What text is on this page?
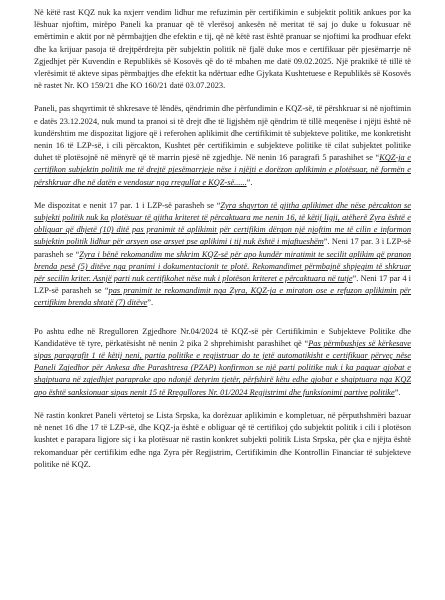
Në këtë rast KQZ nuk ka nxjerr vendim lidhur me refuzimin për certifikimin e subjektit politik ankues por ka lëshuar njoftim, mirëpo Paneli ka pranuar që të vlerësoj ankesën në meritat të saj jo duke u fokusuar në emërtimin e aktit por në përmbajtjen dhe efektin e tij, që në këtë rast është pranuar se njoftimi ka prodhuar efekt dhe ka krijuar pasoja të drejtpërdrejta për subjektin politik në fjalë duke mos e certifikuar për pjesëmarrje në Zgjedhjet për Kuvendin e Republikës së Kosovës që do të mbahen me datë 09.02.2025. Një praktikë të tillë të vlerësimit të akteve sipas përmbajtjes dhe efektit ka ndërtuar edhe Gjykata Kushtetuese e Republikës së Kosovës në rastet Nr. KO 159/21 dhe KO 160/21 datë 03.07.2023.

Paneli, pas shqyrtimit të shkresave të lëndës, qëndrimin dhe përfundimin e KQZ-së, të përshkruar si në njoftimin e datës 23.12.2024, nuk mund ta pranoi si të drejt dhe të ligjshëm një qëndrim të tillë meqenëse i njëjti është në kundërshtim me dispozitat ligjore që i referohen aplikimit dhe certifikimit të subjekteve politike, me konkretisht nenin 16 të LZP-së, i cili përcakton, Kushtet për certifikimin e subjekteve politike të cilat subjektet politike duhet të plotësojnë në mënyrë që të marrin pjesë në zgjedhje. Në nenin 16 paragrafi 5 parashihet se “KQZ-ja e certifikon subjektin politik me të drejtë pjesëmarrjeje nëse i njëjti e dorëzon aplikimin e plotësuar, në formën e përshkruar dhe në datën e vendosur nga rregullat e KQZ-së......”.

Me dispozitat e nenit 17 par. 1 i LZP-së parasheh se “Zyra shqyrton të gjitha aplikimet dhe nëse përcakton se subjekti politik nuk ka plotësuar të gjitha kriteret të përcaktuara me nenin 16, të këtij ligji, atëherë Zyra është e obliguar që dhjetë (10) ditë pas pranimit të aplikimit për certifikim dërgon një njoftim me të cilin e informon subjektin politik lidhur për arsyen ose arsyet pse aplikimi i tij nuk është i mjaftueshëm”. Neni 17 par. 3 i LZP-së parasheh se “Zyra i bënë rekomandim me shkrim KQZ-së për apo kundër miratimit te secilit aplikim që pranon brenda pesë (5) ditëve nga pranimi i dokumentacionit te plotë. Rekomandimet përmbajnë shpjegim të shkruar për secilin kriter. Asnjë parti nuk certifikohet nëse nuk i plotëson kriteret e përcaktuara në tutje”. Neni 17 par 4 i LZP-së parasheh se “pas pranimit te rekomandimit nga Zyra, KQZ-ja e miraton ose e refuzon aplikimin për certifikim brenda shtatë (7) ditëve”.

Po ashtu edhe në Rregulloren Zgjedhore Nr.04/2024 të KQZ-së për Certifikimin e Subjekteve Politike dhe Kandidatëve të tyre, përkatësisht në nenin 2 pika 2 shprehimisht parashihet që “Pas përmbushjes së kërkesave sipas paragrafit 1 të këtij neni, partia politike e regjistruar do te jetë automatikisht e certifikuar përveç nëse Paneli Zgjedhor për Ankesa dhe Parashtresa (PZAP) konfirmon se një parti politike nuk i ka paguar gjobat e shqiptuara në zgjedhjet paraprake apo ndonjë detyrim tjetër, përfshirë këtu edhe gjobat e shqiptuara nga KQZ apo është sanksionuar sipas nenit 15 të Rregullores Nr. 01/2024 Regjistrimi dhe funksionimi partive politike”.

Në rastin konkret Paneli vërtetoj se Lista Srpska, ka dorëzuar aplikimin e kompletuar, në përputhshmëri bazuar në nenet 16 dhe 17 të LZP-së, dhe KQZ-ja është e obliguar që të certifikoj çdo subjektit politik i cili i plotëson kushtet e parapara ligjore siç i ka plotësuar në rastin konkret subjekti politik Lista Srpska, për çka e njëjta është rekomanduar për certifikim edhe nga Zyra për Regjistrim, Certifikimin dhe Kontrollin Financiar të subjekteve politike në KQZ.
